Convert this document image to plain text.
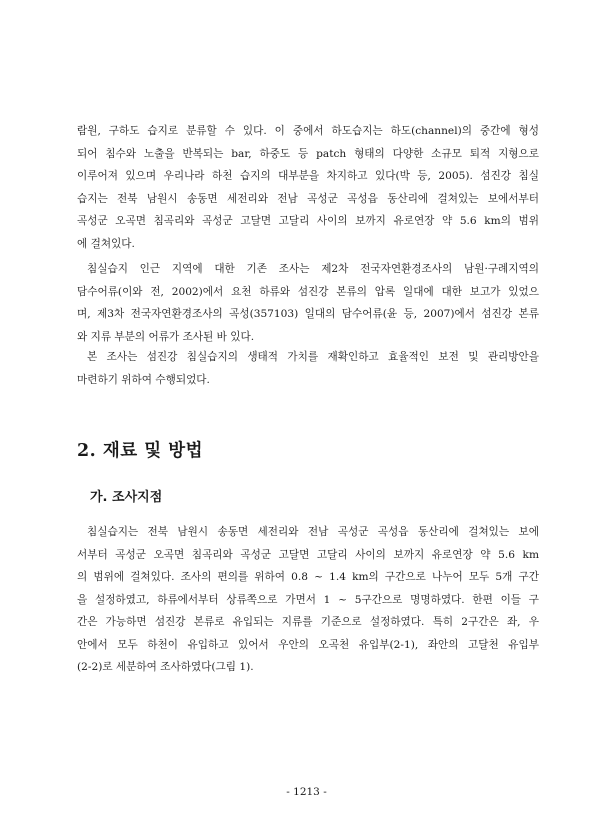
람원, 구하도 습지로 분류할 수 있다. 이 중에서 하도습지는 하도(channel)의 중간에 형성
되어 침수와 노출을 반복되는 bar, 하중도 등 patch 형태의 다양한 소규모 퇴적 지형으로
이루어져 있으며 우리나라 하천 습지의 대부분을 차지하고 있다(박 등, 2005). 섬진강 침실
습지는 전북 남원시 송동면 세전리와 전남 곡성군 곡성읍 동산리에 걸쳐있는 보에서부터
곡성군 오곡면 침곡리와 곡성군 고달면 고달리 사이의 보까지 유로연장 약 5.6 km의 범위
에 걸쳐있다.

침실습지 인근 지역에 대한 기존 조사는 제2차 전국자연환경조사의 남원·구례지역의
담수어류(이와 전, 2002)에서 요천 하류와 섬진강 본류의 압록 일대에 대한 보고가 있었으
며, 제3차 전국자연환경조사의 곡성(357103) 일대의 담수어류(윤 등, 2007)에서 섬진강 본류
와 지류 부분의 어류가 조사된 바 있다.

본 조사는 섬진강 침실습지의 생태적 가치를 재확인하고 효율적인 보전 및 관리방안을
마련하기 위하여 수행되었다.

2. 재료 및 방법
가. 조사지점

침실습지는 전북 남원시 송동면 세전리와 전남 곡성군 곡성읍 동산리에 걸쳐있는 보에
서부터 곡성군 오곡면 침곡리와 곡성군 고달면 고달리 사이의 보까지 유로연장 약 5.6 km
의 범위에 걸쳐있다. 조사의 편의를 위하여 0.8 ~ 1.4 km의 구간으로 나누어 모두 5개 구간
을 설정하였고, 하류에서부터 상류쪽으로 가면서 1 ~ 5구간으로 명명하였다. 한편 이들 구
간은 가능하면 섬진강 본류로 유입되는 지류를 기준으로 설정하였다. 특히 2구간은 좌, 우
안에서 모두 하천이 유입하고 있어서 우안의 오곡천 유입부(2-1), 좌안의 고달천 유입부
(2-2)로 세분하여 조사하였다(그림 1).

- 1213 -
